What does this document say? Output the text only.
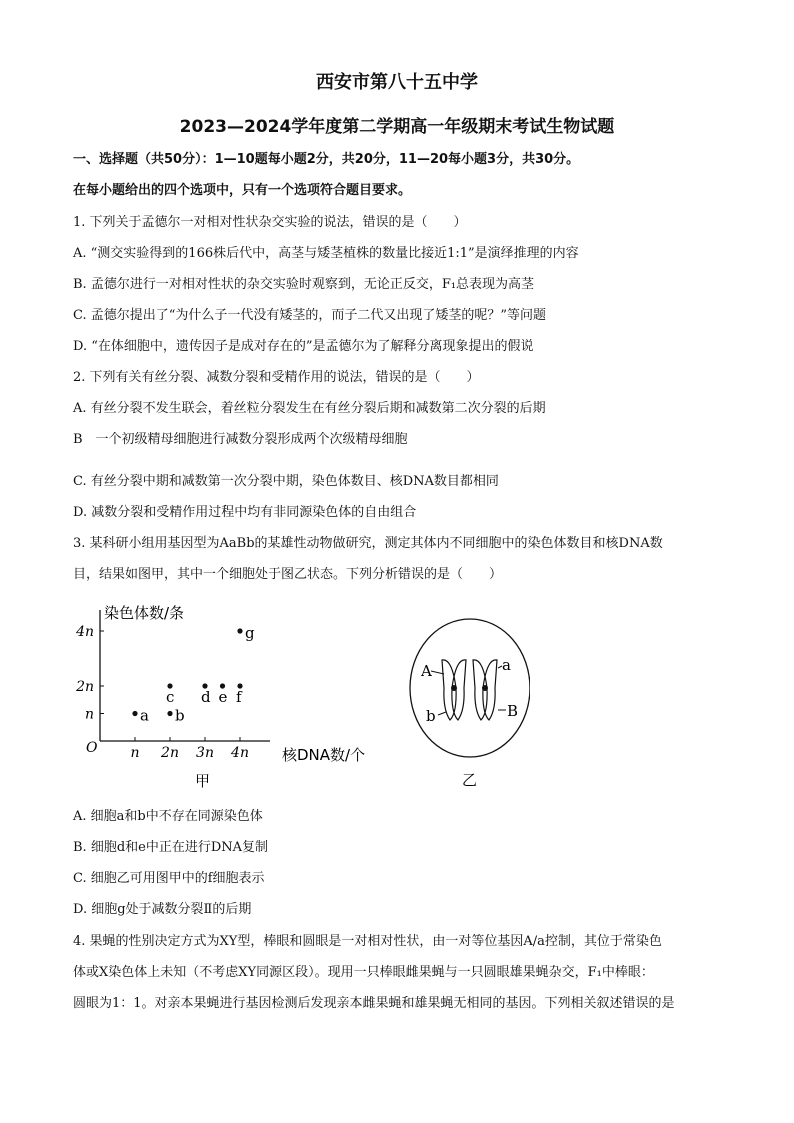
西安市第八十五中学
2023—2024学年度第二学期高一年级期末考试生物试题
一、选择题（共50分）：1—10题每小题2分，共20分，11—20每小题3分，共30分。
在每小题给出的四个选项中，只有一个选项符合题目要求。
1. 下列关于孟德尔一对相对性状杂交实验的说法，错误的是（　　）
A. “测交实验得到的166株后代中，高茎与矮茎植株的数量比接近1:1”是演绎推理的内容
B. 孟德尔进行一对相对性状的杂交实验时观察到，无论正反交，F₁总表现为高茎
C. 孟德尔提出了“为什么子一代没有矮茎的，而子二代又出现了矮茎的呢？”等问题
D. “在体细胞中，遗传因子是成对存在的”是孟德尔为了解释分离现象提出的假说
2. 下列有关有丝分裂、减数分裂和受精作用的说法，错误的是（　　）
A. 有丝分裂不发生联会，着丝粒分裂发生在有丝分裂后期和减数第二次分裂的后期
B　一个初级精母细胞进行减数分裂形成两个次级精母细胞
C. 有丝分裂中期和减数第一次分裂中期，染色体数目、核DNA数目都相同
D. 减数分裂和受精作用过程中均有非同源染色体的自由组合
3. 某科研小组用基因型为AaBb的某雄性动物做研究，测定其体内不同细胞中的染色体数目和核DNA数
目，结果如图甲，其中一个细胞处于图乙状态。下列分析错误的是（　　）
O
染色体数/条
核DNA数/个
4n
2n
n
n 2n 3n 4n
a b
c d e f
g
甲
A	a
b	B
乙
A. 细胞a和b中不存在同源染色体
B. 细胞d和e中正在进行DNA复制
C. 细胞乙可用图甲中的f细胞表示
D. 细胞g处于减数分裂Ⅱ的后期
4. 果蝇的性别决定方式为XY型，棒眼和圆眼是一对相对性状，由一对等位基因A/a控制，其位于常染色
体或X染色体上未知（不考虑XY同源区段）。现用一只棒眼雌果蝇与一只圆眼雄果蝇杂交，F₁中棒眼：
圆眼为1：1。对亲本果蝇进行基因检测后发现亲本雌果蝇和雄果蝇无相同的基因。下列相关叙述错误的是
